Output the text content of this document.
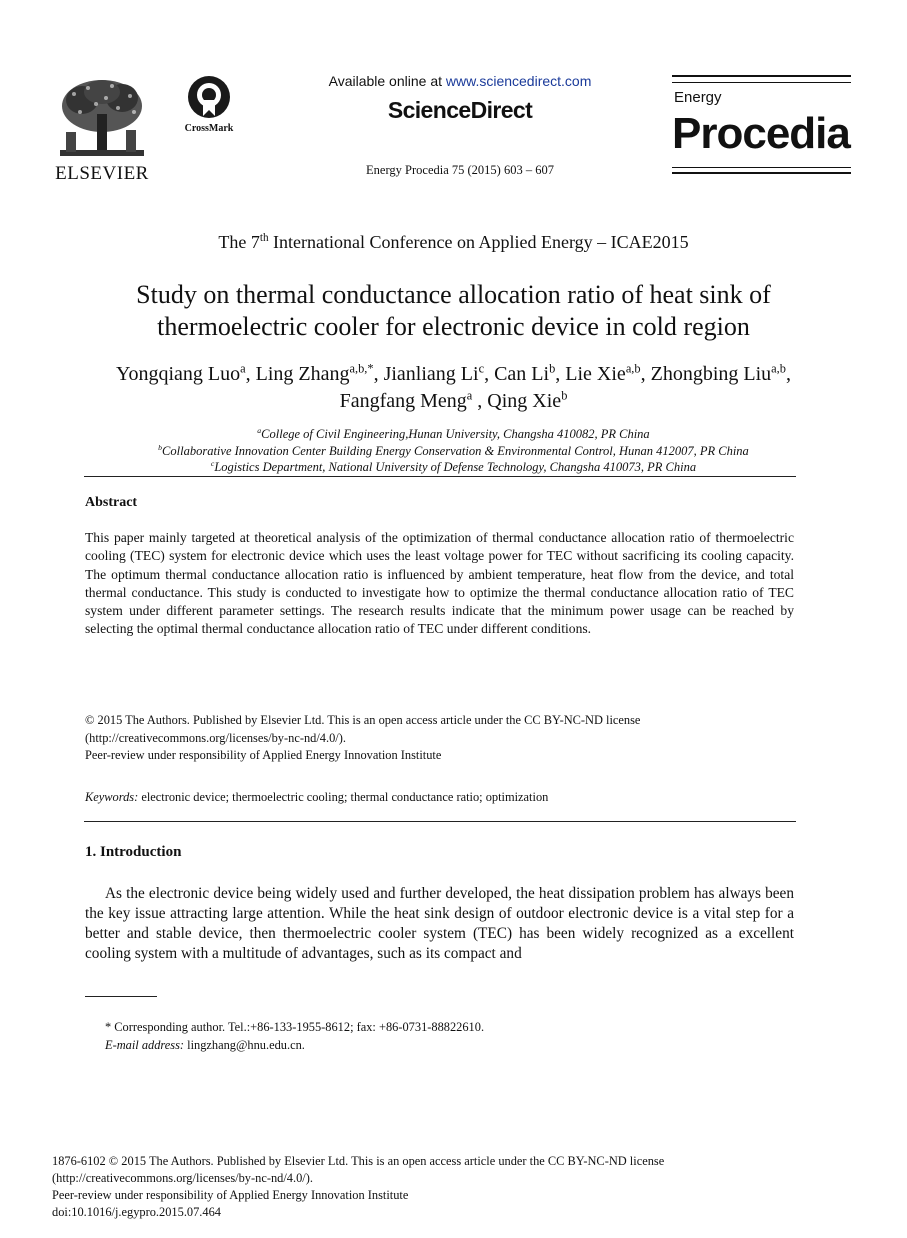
ELSEVIER
CrossMark
Available online at www.sciencedirect.com
ScienceDirect
Energy Procedia 75 (2015) 603 – 607
Energy
Procedia
The 7th International Conference on Applied Energy – ICAE2015
Study on thermal conductance allocation ratio of heat sink of
thermoelectric cooler for electronic device in cold region
Yongqiang Luo$^a$, Ling Zhang$^{a,b,*}$, Jianliang Li$^c$, Can Li$^b$, Lie Xie$^{a,b}$, Zhongbing Liu$^{a,b}$, Fangfang Meng$^a$ , Qing Xie$^b$
$^a$College of Civil Engineering,Hunan University, Changsha 410082, PR China
$^b$Collaborative Innovation Center Building Energy Conservation & Environmental Control, Hunan 412007, PR China
$^c$Logistics Department, National University of Defense Technology, Changsha 410073, PR China
Abstract
This paper mainly targeted at theoretical analysis of the optimization of thermal conductance allocation ratio of thermoelectric cooling (TEC) system for electronic device which uses the least voltage power for TEC without sacrificing its cooling capacity. The optimum thermal conductance allocation ratio is influenced by ambient temperature, heat flow from the device, and total thermal conductance. This study is conducted to investigate how to optimize the thermal conductance allocation ratio of TEC system under different parameter settings. The research results indicate that the minimum power usage can be reached by selecting the optimal thermal conductance allocation ratio of TEC under different conditions.
© 2015 The Authors. Published by Elsevier Ltd. This is an open access article under the CC BY-NC-ND license
(http://creativecommons.org/licenses/by-nc-nd/4.0/).
Peer-review under responsibility of Applied Energy Innovation Institute
Keywords: electronic device; thermoelectric cooling; thermal conductance ratio; optimization
1. Introduction
As the electronic device being widely used and further developed, the heat dissipation problem has always been the key issue attracting large attention. While the heat sink design of outdoor electronic device is a vital step for a better and stable device, then thermoelectric cooler system (TEC) has been widely recognized as a excellent cooling system with a multitude of advantages, such as its compact and
* Corresponding author. Tel.:+86-133-1955-8612; fax: +86-0731-88822610.
E-mail address: lingzhang@hnu.edu.cn.
1876-6102 © 2015 The Authors. Published by Elsevier Ltd. This is an open access article under the CC BY-NC-ND license
(http://creativecommons.org/licenses/by-nc-nd/4.0/).
Peer-review under responsibility of Applied Energy Innovation Institute
doi:10.1016/j.egypro.2015.07.464
